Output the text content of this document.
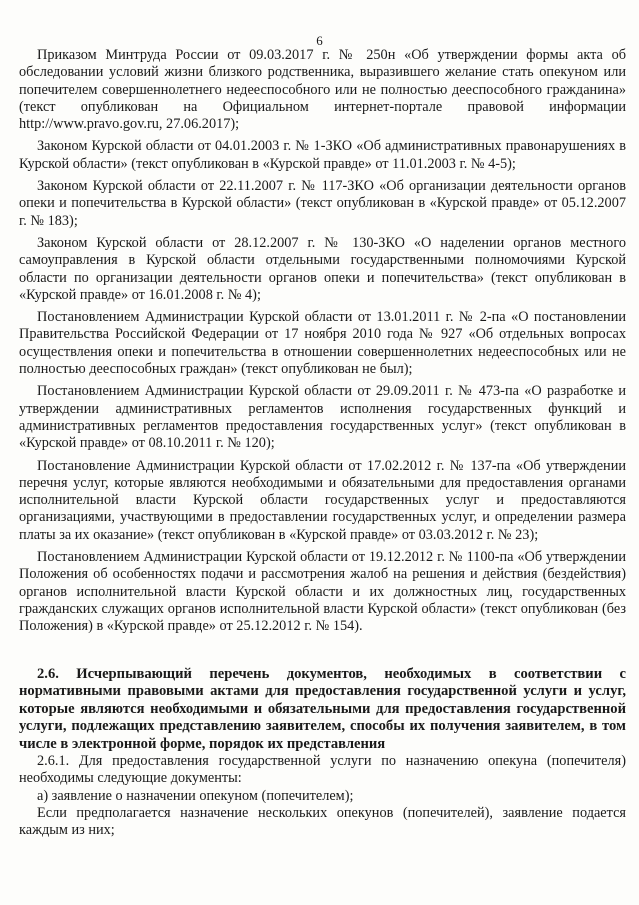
6

Приказом Минтруда России от 09.03.2017 г. № 250н «Об утверждении формы акта об обследовании условий жизни близкого родственника, выразившего желание стать опекуном или попечителем совершеннолетнего недееспособного или не полностью дееспособного гражданина» (текст опубликован на Официальном интернет-портале правовой информации http://www.pravo.gov.ru, 27.06.2017);

Законом Курской области от 04.01.2003 г. № 1-ЗКО «Об административных правонарушениях в Курской области» (текст опубликован в «Курской правде» от 11.01.2003 г. № 4-5);

Законом Курской области от 22.11.2007 г. № 117-ЗКО «Об организации деятельности органов опеки и попечительства в Курской области» (текст опубликован в «Курской правде» от 05.12.2007 г. № 183);

Законом Курской области от 28.12.2007 г. № 130-ЗКО «О наделении органов местного самоуправления в Курской области отдельными государственными полномочиями Курской области по организации деятельности органов опеки и попечительства» (текст опубликован в «Курской правде» от 16.01.2008 г. № 4);

Постановлением Администрации Курской области от 13.01.2011 г. № 2-па «О постановлении Правительства Российской Федерации от 17 ноября 2010 года № 927 «Об отдельных вопросах осуществления опеки и попечительства в отношении совершеннолетних недееспособных или не полностью дееспособных граждан» (текст опубликован не был);

Постановлением Администрации Курской области от 29.09.2011 г. № 473-па «О разработке и утверждении административных регламентов исполнения государственных функций и административных регламентов предоставления государственных услуг» (текст опубликован в «Курской правде» от 08.10.2011 г. № 120);

Постановление Администрации Курской области от 17.02.2012 г. № 137-па «Об утверждении перечня услуг, которые являются необходимыми и обязательными для предоставления органами исполнительной власти Курской области государственных услуг и предоставляются организациями, участвующими в предоставлении государственных услуг, и определении размера платы за их оказание» (текст опубликован в «Курской правде» от 03.03.2012 г. № 23);

Постановлением Администрации Курской области от 19.12.2012 г. № 1100-па «Об утверждении Положения об особенностях подачи и рассмотрения жалоб на решения и действия (бездействия) органов исполнительной власти Курской области и их должностных лиц, государственных гражданских служащих органов исполнительной власти Курской области» (текст опубликован (без Положения) в «Курской правде» от 25.12.2012 г. № 154).

2.6. Исчерпывающий перечень документов, необходимых в соответствии с нормативными правовыми актами для предоставления государственной услуги и услуг, которые являются необходимыми и обязательными для предоставления государственной услуги, подлежащих представлению заявителем, способы их получения заявителем, в том числе в электронной форме, порядок их представления

2.6.1. Для предоставления государственной услуги по назначению опекуна (попечителя) необходимы следующие документы:

а) заявление о назначении опекуном (попечителем);

Если предполагается назначение нескольких опекунов (попечителей), заявление подается каждым из них;
